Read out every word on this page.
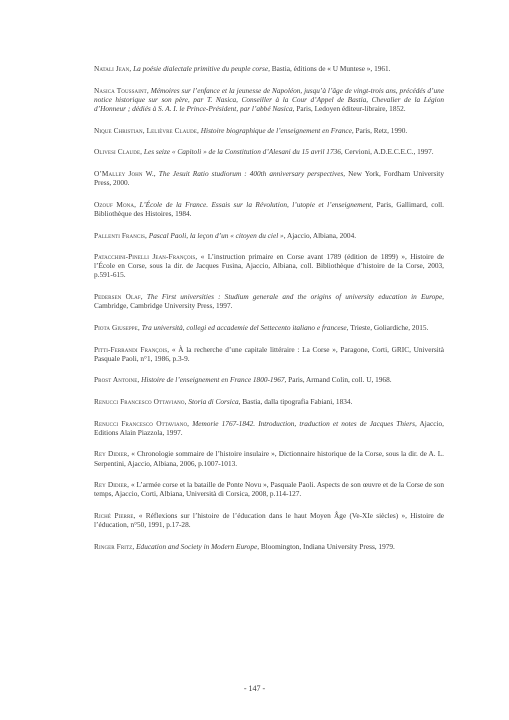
Natali Jean, La poésie dialectale primitive du peuple corse, Bastia, éditions de « U Muntese », 1961.
Nasica Toussaint, Mémoires sur l’enfance et la jeunesse de Napoléon, jusqu’à l’âge de vingt-trois ans, précédés d’une notice historique sur son père, par T. Nasica, Conseiller à la Cour d’Appel de Bastia, Chevalier de la Légion d’Honneur ; dédiés à S. A. I. le Prince-Président, par l’abbé Nasica, Paris, Ledoyen éditeur-libraire, 1852.
Nique Christian, Lelièvre Claude, Histoire biographique de l’enseignement en France, Paris, Retz, 1990.
Olivesi Claude, Les seize « Capitoli » de la Constitution d’Alesani du 15 avril 1736, Cervioni, A.D.E.C.E.C., 1997.
O’Malley John W., The Jesuit Ratio studiorum : 400th anniversary perspectives, New York, Fordham University Press, 2000.
Ozouf Mona, L’École de la France. Essais sur la Révolution, l’utopie et l’enseignement, Paris, Gallimard, coll. Bibliothèque des Histoires, 1984.
Pallenti Francis, Pascal Paoli, la leçon d’un « citoyen du ciel », Ajaccio, Albiana, 2004.
Patacchini-Pinelli Jean-François, « L’instruction primaire en Corse avant 1789 (édition de 1899) », Histoire de l’École en Corse, sous la dir. de Jacques Fusina, Ajaccio, Albiana, coll. Bibliothèque d’histoire de la Corse, 2003, p.591-615.
Pedersen Olaf, The First universities : Studium generale and the origins of university education in Europe, Cambridge, Cambridge University Press, 1997.
Piota Giuseppe, Tra università, collegi ed accademie del Settecento italiano e francese, Trieste, Goliardiche, 2015.
Pitti-Ferrandi François, « À la recherche d’une capitale littéraire : La Corse », Paragone, Corti, GRIC, Università Pasquale Paoli, n°1, 1986, p.3-9.
Prost Antoine, Histoire de l’enseignement en France 1800-1967, Paris, Armand Colin, coll. U, 1968.
Renucci Francesco Ottaviano, Storia di Corsica, Bastia, dalla tipografia Fabiani, 1834.
Renucci Francesco Ottaviano, Memorie 1767-1842. Introduction, traduction et notes de Jacques Thiers, Ajaccio, Editions Alain Piazzola, 1997.
Rey Didier, « Chronologie sommaire de l’histoire insulaire », Dictionnaire historique de la Corse, sous la dir. de A. L. Serpentini, Ajaccio, Albiana, 2006, p.1007-1013.
Rey Didier, « L’armée corse et la bataille de Ponte Novu », Pasquale Paoli. Aspects de son œuvre et de la Corse de son temps, Ajaccio, Corti, Albiana, Università di Corsica, 2008, p.114-127.
Riché Pierre, « Réflexions sur l’histoire de l’éducation dans le haut Moyen Âge (Ve-XIe siècles) », Histoire de l’éducation, n°50, 1991, p.17-28.
Ringer Fritz, Education and Society in Modern Europe, Bloomington, Indiana University Press, 1979.
- 147 -
